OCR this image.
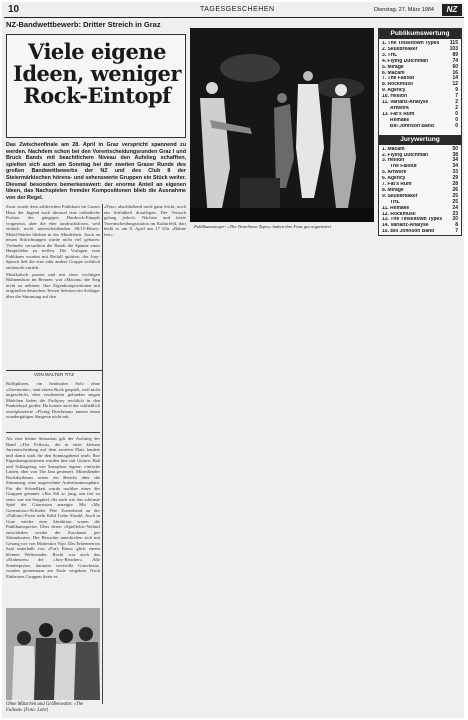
10	TAGESGESCHEHEN	Dienstag, 27. März 1984	NZ
NZ-Bandwettbewerb: Dritter Streich in Graz
Viele eigene Ideen, weniger Rock-Eintopf
Das Zwischenfinale am 28. April in Graz verspricht spannend zu werden. Nachdem schon bei den Vorentscheidungsrunden Graz I und Bruck Bands mit beachtlichem Niveau den Aufstieg schafften, spielten sich auch am Sonntag bei der zweiten Grazer Runde des großen Bandwettbewerbs der NZ und des Club 8 der Steiermärkischen hörens- und sehenswerte Gruppen ein Stück weiter. Diesmal besonders bemerkenswert: der enorme Anteil an eigenen Ideen, das Nachspielen fremder Kompositionen blieb die Ausnahme von der Regel.
Publikumssieger: »The Tinseltown Types« hatten ihre Fans gut organisiert

»Fetz« abschließend noch ganz leicht, noch ein Schlußteil drauflegen. Der Versuch gelang jedoch. Nächste und letzte Vorentscheidungsstation im Kulturfeld, dort heißt es am 8. April um 17 Uhr »Bühne frei«.

Zwar wurde dem zahlreichen Publikum im Grazer Haus der Jugend auch diesmal eine ordentliche Portion des gängigen Hardrock-Einopfs vorgesetzt, aber die eher ausdruckslosen, weil einfach nicht unterscheidenden 08/15-Heavy-Metal-Stücke blieben in der Minderheit. Auch an neuen Stilrichtungen wurde nicht viel geboten. Vielmehr versuchten die Bands die Spanne eines Hauptfeldes zu treffen. Die Vorlagen vom Publikum wurden mit Beifall quittiert, der Jury-Spruch ließ die eine oder andere Gruppe sichtlich enttäuscht zurück.

Musikalisch passen und mit einer wichtigen Bühnenshow im Rennen: war »Macam« der Sieg nicht zu nehmen. Ihre Eigenkompositionen mit originellen deutschen Texten lieferten ein Schlager über die Stimmung auf den

VON WALTER TITZ

Rollsplitzen, ein beinhartes Solo ohne »Zeremonie«, statt einem Rock gespielt, weil nicht ungeschickt, aber verdientem gefunden singen Mädchen liefen die Fachjury reichlich in den Punktekopf großer. Da konnte auch der schließlich zweitplatzierte »Flying Dutchman« tanzen einen wundergütigen Sängerin nicht mit.

Als eine kleine Sensation gilt der Aufstieg der Band »The Fallout«, die in einer kleinen Juryentscheidung auf dem zweiten Platz landete und damit stark für den Sonntagabend warb. Ihre Eigenkompositionen wurden hier mit Gitarre, Baß und Schlagzeug wie Saxophon eigene, einfache Linien, aber von The Jam gesteuert. Mitreißender Rockrhythmus setzte ein Bericht über die Stimmung, eine ungewohnte Auftrittsatmosphäre. Für die Schnellkeit wurde nachher eines der Gruppen genannt: »Ein Stil so jung, um frei zu sein« war ein Songtitel, der auch wie das schönste Spiel der Gitarristen anzeigte. Mit »My Generation«-Erfinder Pete Townshend an der »Fallout«-Front steht Kühl Liebe Abzahl. Auch in Graz wieder eine Attraktion waren die Publikumspreise. Über deren »Spielfeld«-Verlauf entschieden wieder die Zuschauer per Stimmkarten. Die Besucher unterhielten sich mit Gesang wie von Moderator Vojo. Das Erkennen im Saal unterhalb von »Fat's Rum« glich einem kleinen Weltwunder. Rockt war auch das »Einheizen« der »Jury-Reacher«. Alle Sonderpreise, darunter wertvolle Gutscheine, wurden gemeinsam am Ende vergeben. Nach Einheizen Gruppen fierte es.

Ohne Mätzchen und Größenwahn: »The Fallout« (Foto: Lohr)
Publikumswertung
1. The Tinseltown Types	115
2. Skullbreaker	103
3. THL	89
4. Flying Dutchman	74
5. Mirage	60
6. Macam	16
7. The Fallout	14
8. Rockmüsli	12
9. Agency	9
10. Hellion	7
11. Varianz-Analyse	2
Artwork	2
13. Fat's Rum	0
Remake	0
Bill Johnson Band	0
Jurywertung
1. Macam	50
2. Flying Dutchman	38
3. Hellion	34
The Fallout	34
5. Artwork	33
6. Agency	29
7. Fat's Rum	28
8. Mirage	26
9. Skullbreaker	25
THL	25
11. Remake	24
12. Rockmüsli	23
13. The Tinseltown Types	20
14. Varianz-Analyse	8
15. Bill Johnson Band	7
